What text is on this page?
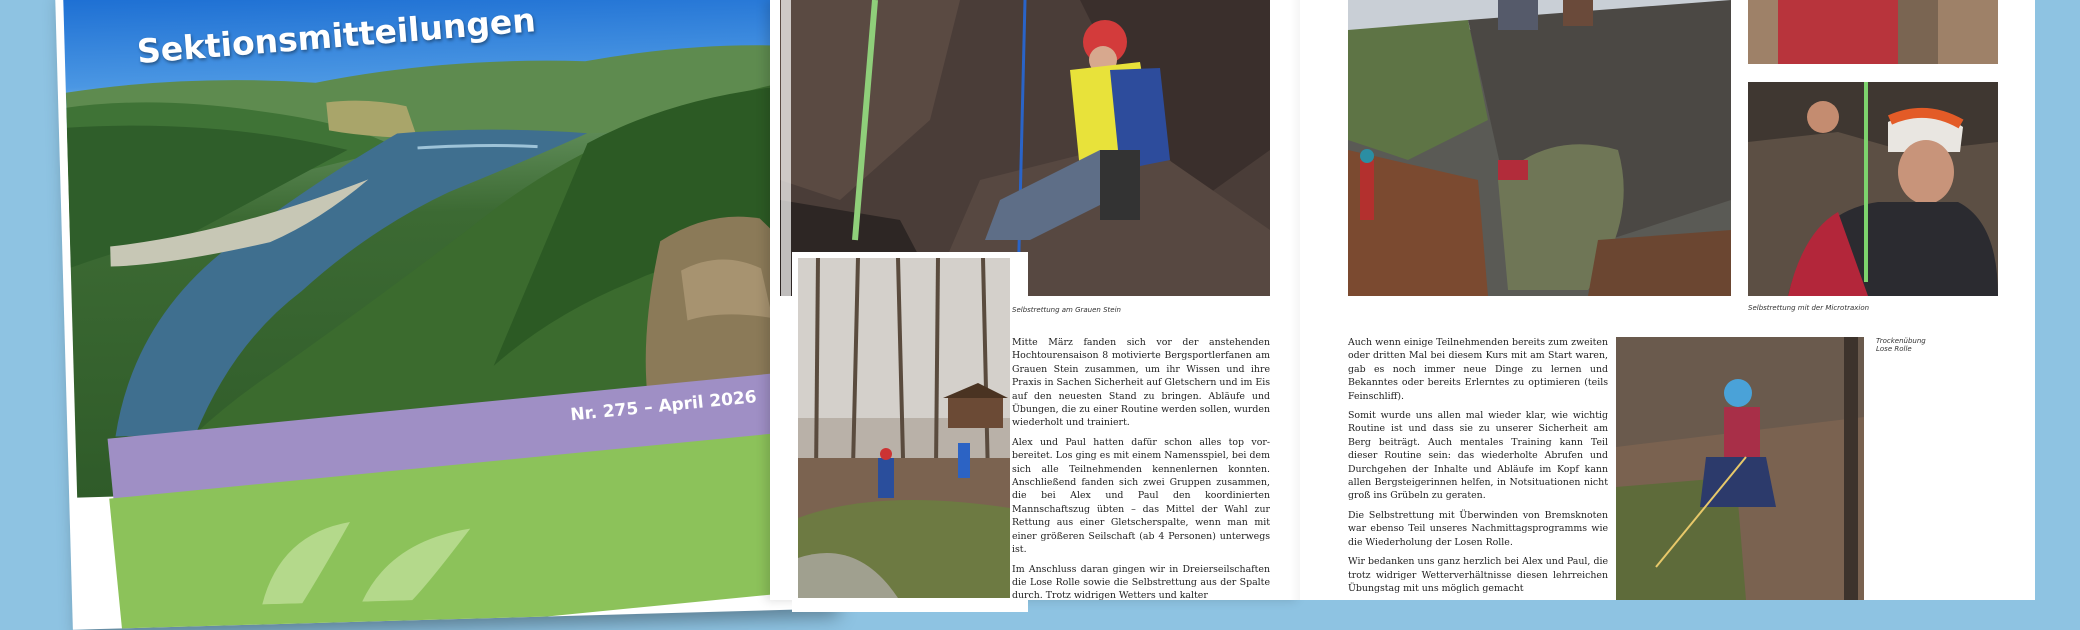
Sektionsmitteilungen
Nr. 275 – April 2026
Selbstrettung am Grauen Stein

Mitte März fanden sich vor der anstehenden Hochtourensaison 8 motivierte Bergsportlerfanen am Grauen Stein zusammen, um ihr Wissen und ihre Praxis in Sachen Sicherheit auf Gletschern und im Eis auf den neuesten Stand zu bringen. Abläufe und Übungen, die zu einer Routine werden sollen, wurden wiederholt und trainiert.

Alex und Paul hatten dafür schon alles top vorbereitet. Los ging es mit einem Namensspiel, bei dem sich alle Teilnehmenden kennenlernen konnten. Anschließend fanden sich zwei Gruppen zusammen, die bei Alex und Paul den koordinierten Mannschaftszug übten – das Mittel der Wahl zur Rettung aus einer Gletscherspalte, wenn man mit einer größeren Seilschaft (ab 4 Personen) unterwegs ist.

Im Anschluss daran gingen wir in Dreierseilschaften die Lose Rolle sowie die Selbstrettung aus der Spalte durch. Trotz widrigen Wetters und kalter

Selbstrettung mit der Microtraxion

Auch wenn einige Teilnehmenden bereits zum zweiten oder dritten Mal bei diesem Kurs mit am Start waren, gab es noch immer neue Dinge zu lernen und Bekanntes oder bereits Erlerntes zu optimieren (teils Feinschliff).

Somit wurde uns allen mal wieder klar, wie wichtig Routine ist und dass sie zu unserer Sicherheit am Berg beiträgt. Auch mentales Training kann Teil dieser Routine sein: das wiederholte Abrufen und Durchgehen der Inhalte und Abläufe im Kopf kann allen Bergsteigerinnen helfen, in Notsituationen nicht groß ins Grübeln zu geraten.

Die Selbstrettung mit Überwinden von Bremsknoten war ebenso Teil unseres Nachmittagsprogramms wie die Wiederholung der Losen Rolle.

Wir bedanken uns ganz herzlich bei Alex und Paul, die trotz widriger Wetterverhältnisse diesen lehrreichen Übungstag mit uns möglich gemacht

Trockenübung
Lose Rolle
